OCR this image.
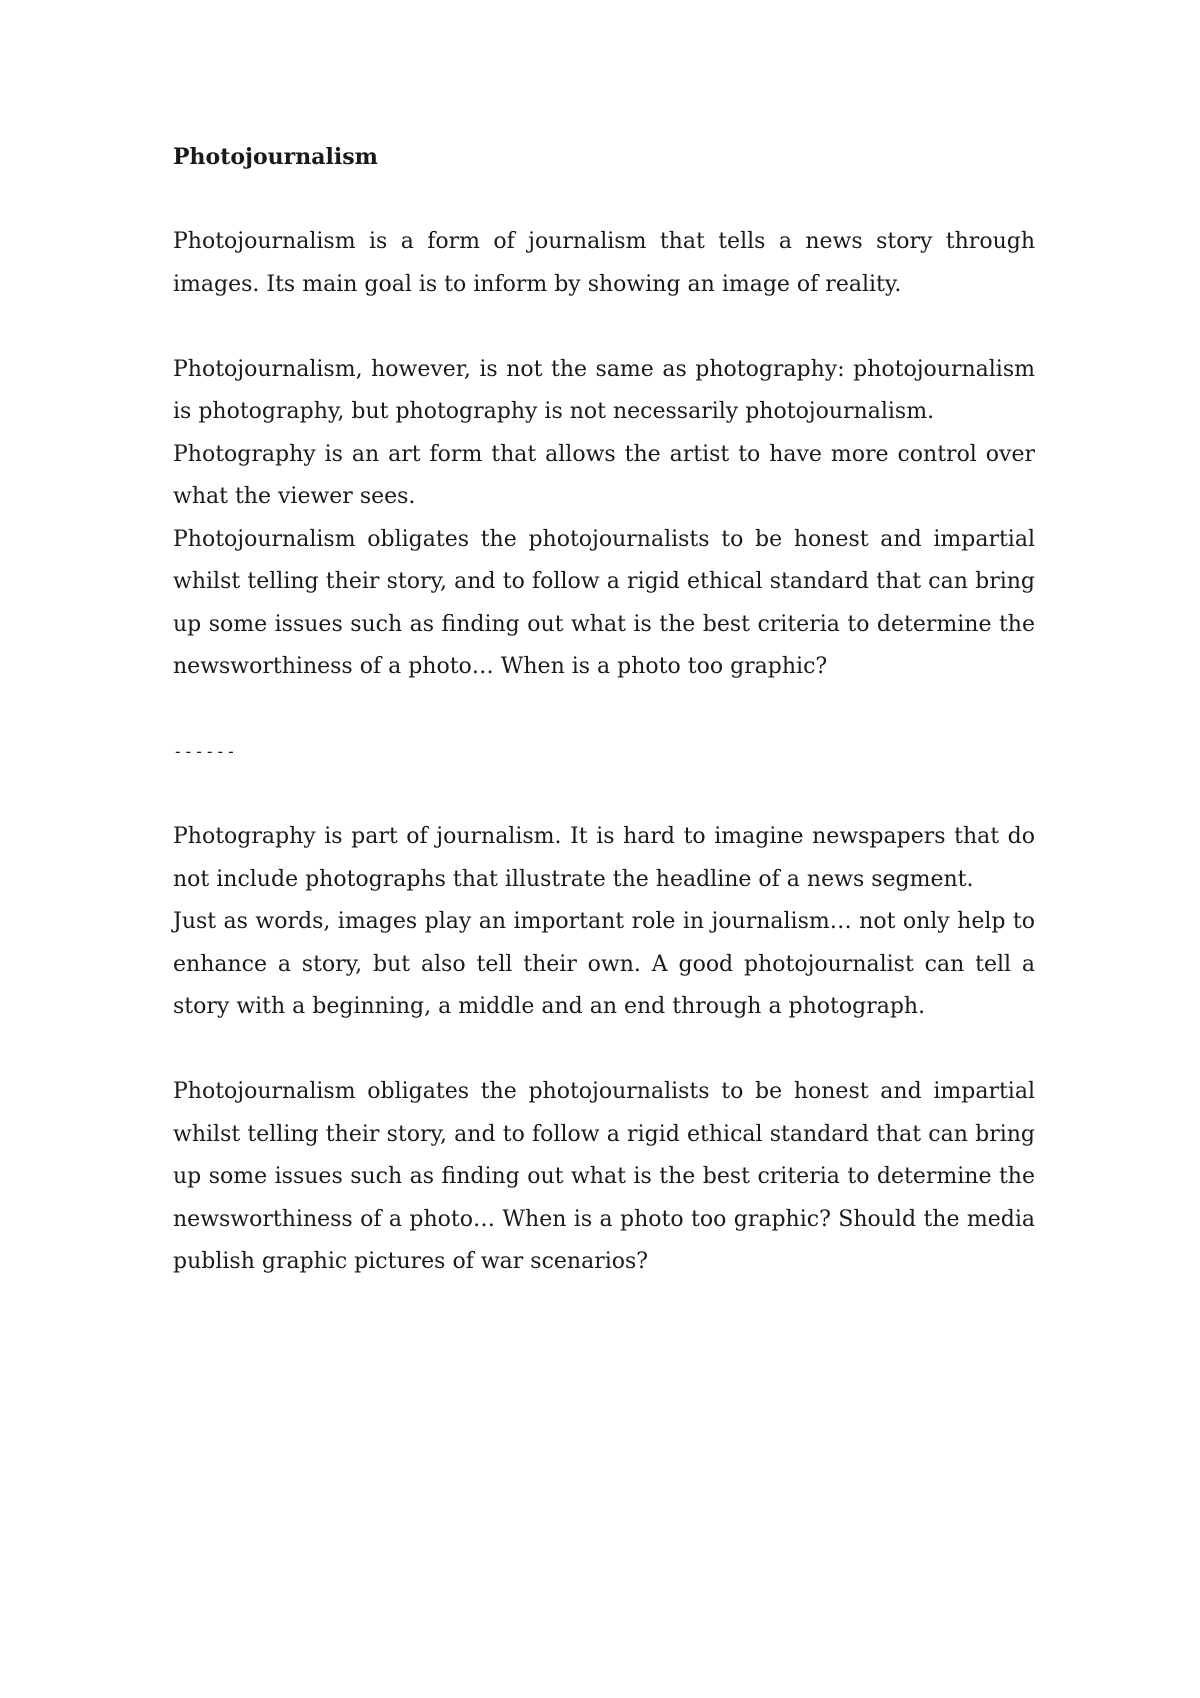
Photojournalism

Photojournalism is a form of journalism that tells a news story through images. Its main goal is to inform by showing an image of reality.

Photojournalism, however, is not the same as photography: photojournalism is photography, but photography is not necessarily photojournalism.

Photography is an art form that allows the artist to have more control over what the viewer sees.

Photojournalism obligates the photojournalists to be honest and impartial whilst telling their story, and to follow a rigid ethical standard that can bring up some issues such as finding out what is the best criteria to determine the newsworthiness of a photo… When is a photo too graphic?

------

Photography is part of journalism. It is hard to imagine newspapers that do not include photographs that illustrate the headline of a news segment.

Just as words, images play an important role in journalism… not only help to enhance a story, but also tell their own. A good photojournalist can tell a story with a beginning, a middle and an end through a photograph.

Photojournalism obligates the photojournalists to be honest and impartial whilst telling their story, and to follow a rigid ethical standard that can bring up some issues such as finding out what is the best criteria to determine the newsworthiness of a photo… When is a photo too graphic? Should the media publish graphic pictures of war scenarios?
